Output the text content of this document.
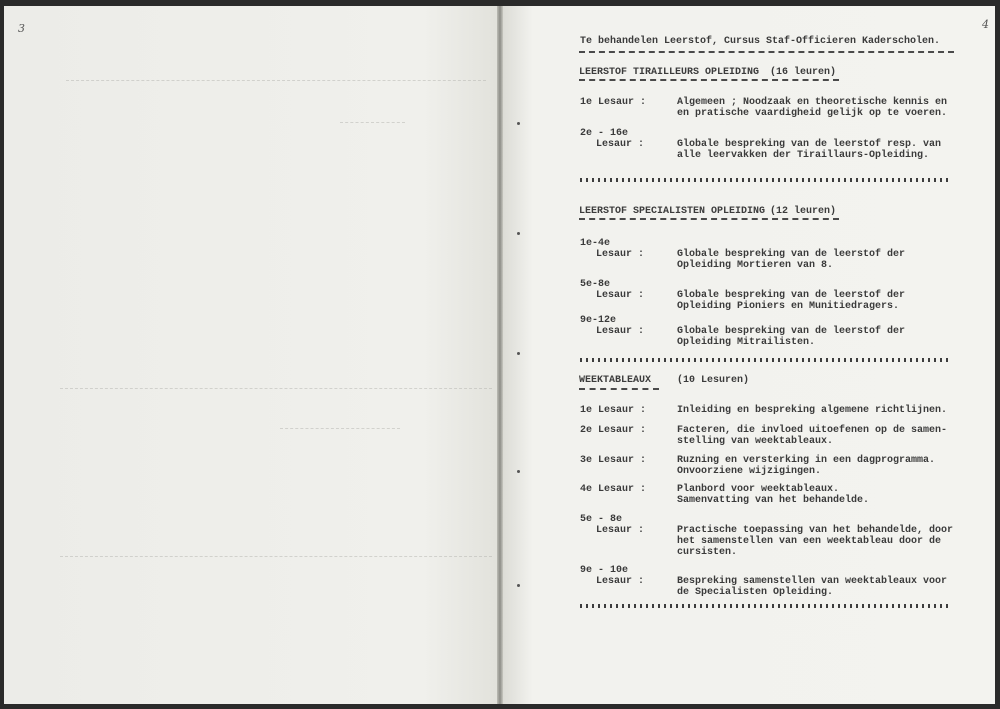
3	4
Te behandelen Leerstof, Cursus Staf-Officieren Kaderscholen.
LEERSTOF TIRAILLEURS OPLEIDING (16 leuren)
1e Lesaur :	Algemeen ; Noodzaak en theoretische kennis en
en pratische vaardigheid gelijk op te voeren.
2e - 16e
Lesaur :	Globale bespreking van de leerstof resp. van
alle leervakken der Tiraillaurs-Opleiding.
LEERSTOF SPECIALISTEN OPLEIDING (12 leuren)
1e-4e
Lesaur :	Globale bespreking van de leerstof der
Opleiding Mortieren van 8.
5e-8e
Lesaur :	Globale bespreking van de leerstof der
Opleiding Pioniers en Munitiedragers.
9e-12e
Lesaur :	Globale bespreking van de leerstof der
Opleiding Mitrailisten.
WEEKTABLEAUX	(10 Lesuren)
1e Lesaur :	Inleiding en bespreking algemene richtlijnen.
2e Lesaur :	Facteren, die invloed uitoefenen op de samen-
stelling van weektableaux.
3e Lesaur :	Ruzning en versterking in een dagprogramma.
Onvoorziene wijzigingen.
4e Lesaur :	Planbord voor weektableaux.
Samenvatting van het behandelde.
5e - 8e
Lesaur :	Practische toepassing van het behandelde, door
het samenstellen van een weektableau door de
cursisten.
9e - 10e
Lesaur :	Bespreking samenstellen van weektableaux voor
de Specialisten Opleiding.
